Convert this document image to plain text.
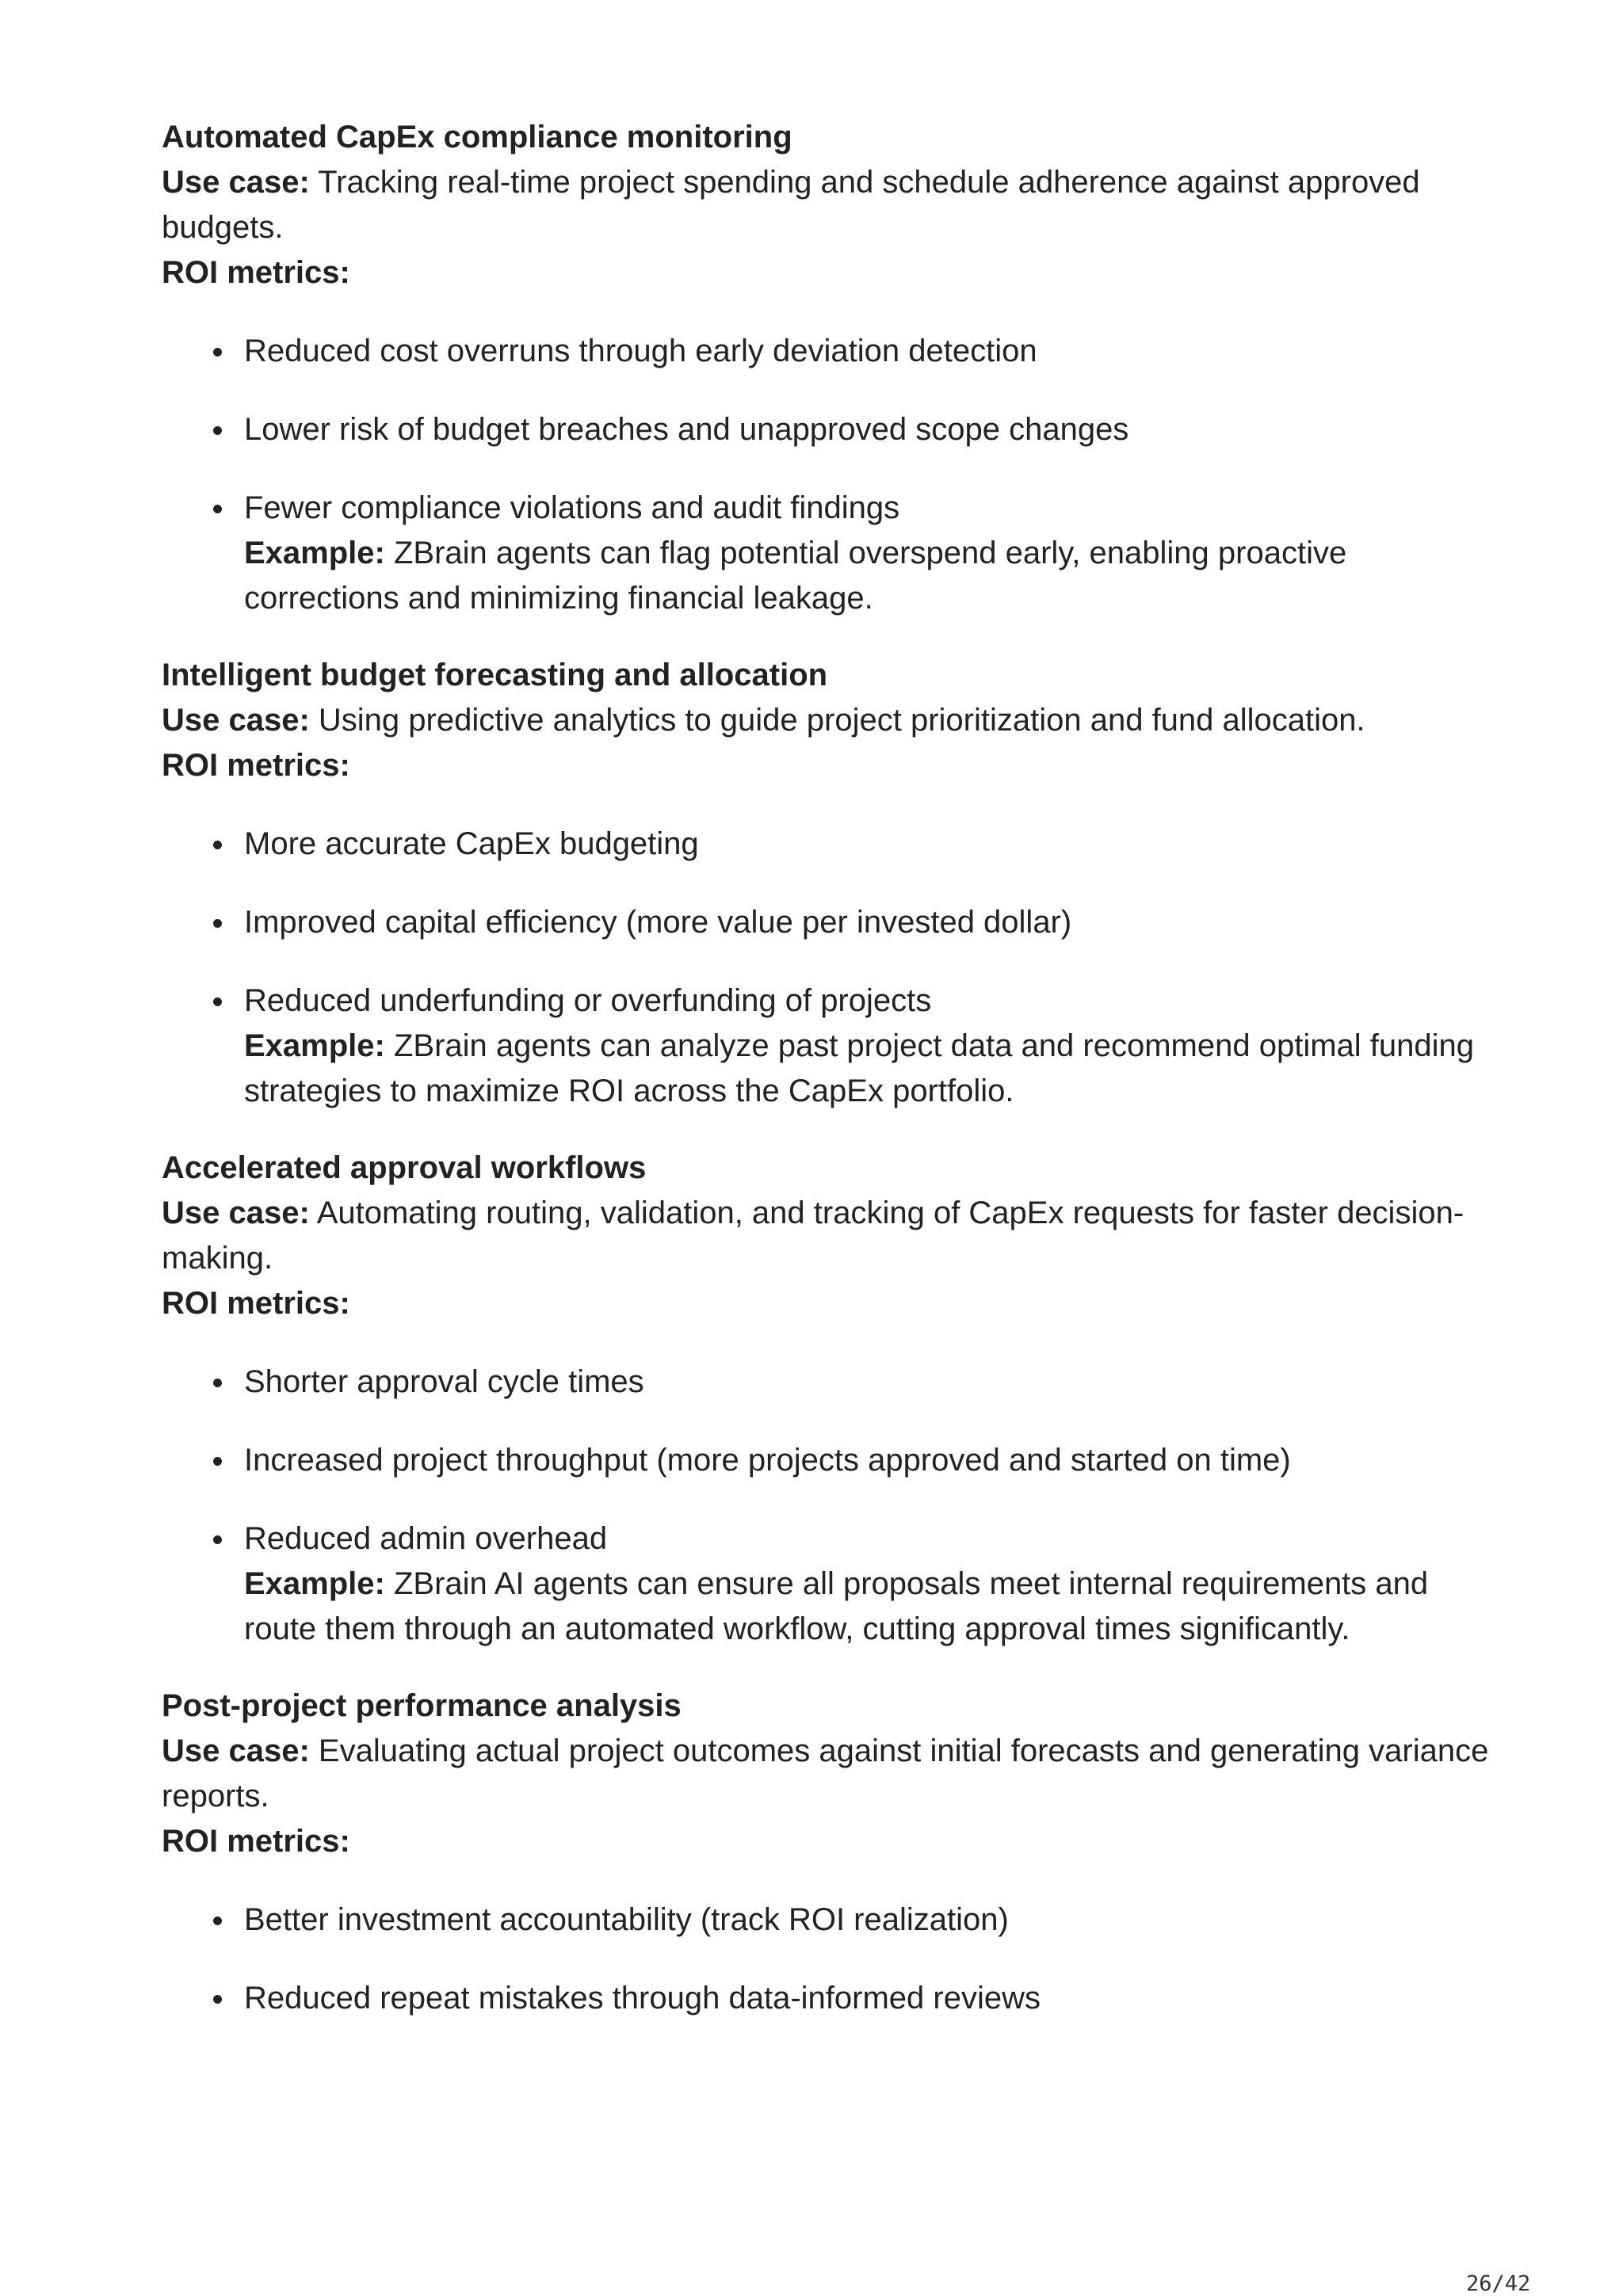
Automated CapEx compliance monitoring

Use case: Tracking real-time project spending and schedule adherence against approved budgets.

ROI metrics:

Reduced cost overruns through early deviation detection
Lower risk of budget breaches and unapproved scope changes
Fewer compliance violations and audit findings
Example: ZBrain agents can flag potential overspend early, enabling proactive corrections and minimizing financial leakage.

Intelligent budget forecasting and allocation

Use case: Using predictive analytics to guide project prioritization and fund allocation.

ROI metrics:

More accurate CapEx budgeting
Improved capital efficiency (more value per invested dollar)
Reduced underfunding or overfunding of projects
Example: ZBrain agents can analyze past project data and recommend optimal funding strategies to maximize ROI across the CapEx portfolio.

Accelerated approval workflows

Use case: Automating routing, validation, and tracking of CapEx requests for faster decision-making.

ROI metrics:

Shorter approval cycle times
Increased project throughput (more projects approved and started on time)
Reduced admin overhead
Example: ZBrain AI agents can ensure all proposals meet internal requirements and route them through an automated workflow, cutting approval times significantly.

Post-project performance analysis

Use case: Evaluating actual project outcomes against initial forecasts and generating variance reports.

ROI metrics:

Better investment accountability (track ROI realization)
Reduced repeat mistakes through data-informed reviews
26/42
